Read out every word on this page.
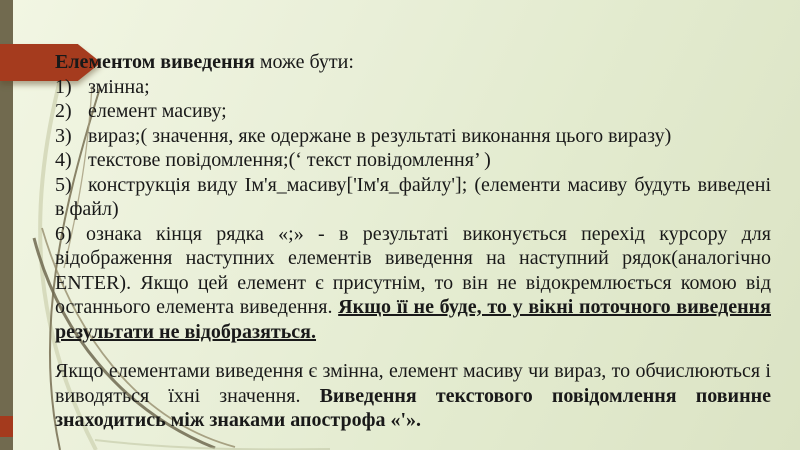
Елементом виведення може бути:
1) змінна;
2) елемент масиву;
3) вираз;( значення, яке одержане в результаті виконання цього виразу)
4) текстове повідомлення;(‘ текст повідомлення’ )

5) конструкція виду Ім'я_масиву['Ім'я_файлу']; (елементи масиву будуть виведені в файл)

6) ознака кінця рядка «;» - в результаті виконується перехід курсору для відображення наступних елементів виведення на наступний рядок(аналогічно ENTER). Якщо цей елемент є присутнім, то він не відокремлюється комою від останнього елемента виведення. Якщо її не буде, то у вікні поточного виведення результати не відобразяться.

Якщо елементами виведення є змінна, елемент масиву чи вираз, то обчислюються і виводяться їхні значення. Виведення текстового повідомлення повинне знаходитись між знаками апострофа «'».
